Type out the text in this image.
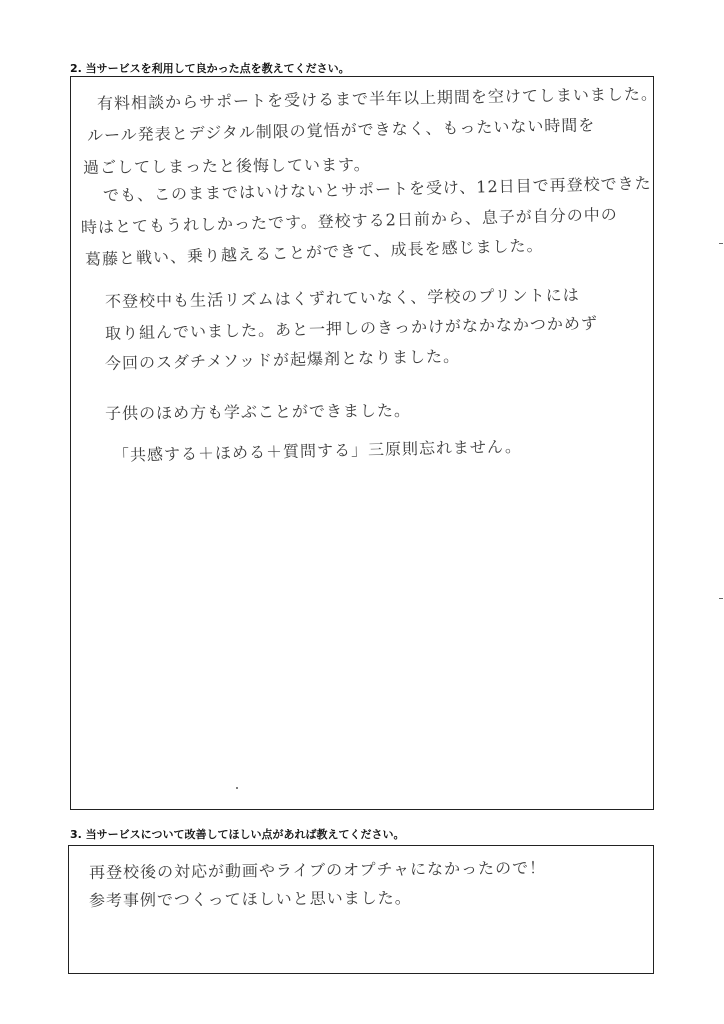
2. 当サービスを利用して良かった点を教えてください。
有料相談からサポートを受けるまで半年以上期間を空けてしまいました。
ルール発表とデジタル制限の覚悟ができなく、もったいない時間を
過ごしてしまったと後悔しています。
でも、このままではいけないとサポートを受け、12日目で再登校できた
時はとてもうれしかったです。登校する2日前から、息子が自分の中の
葛藤と戦い、乗り越えることができて、成長を感じました。
不登校中も生活リズムはくずれていなく、学校のプリントには
取り組んでいました。あと一押しのきっかけがなかなかつかめず
今回のスダチメソッドが起爆剤となりました。
子供のほめ方も学ぶことができました。
「共感する＋ほめる＋質問する」三原則忘れません。
3. 当サービスについて改善してほしい点があれば教えてください。
再登校後の対応が動画やライブのオプチャになかったので！
参考事例でつくってほしいと思いました。
